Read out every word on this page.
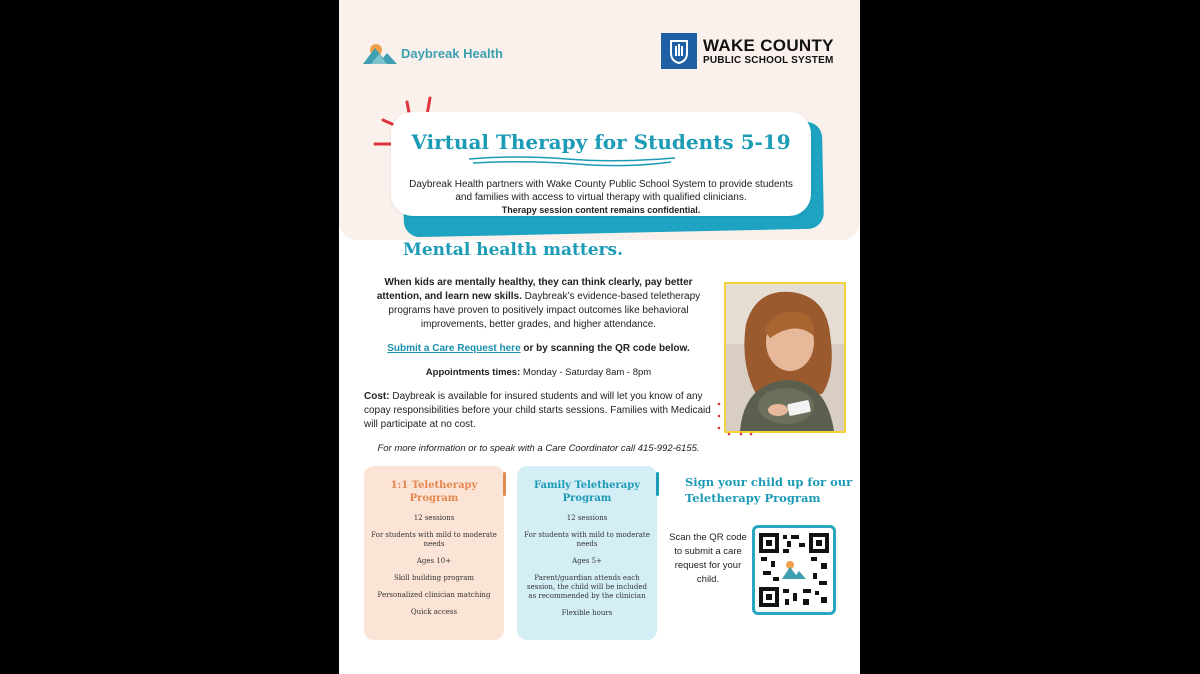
Daybreak Health	WAKE COUNTY
PUBLIC SCHOOL SYSTEM
Virtual Therapy for Students 5-19
Daybreak Health partners with Wake County Public School System to provide students and families with access to virtual therapy with qualified clinicians.
Therapy session content remains confidential.
Mental health matters.
When kids are mentally healthy, they can think clearly, pay better attention, and learn new skills. Daybreak’s evidence-based teletherapy programs have proven to positively impact outcomes like behavioral improvements, better grades, and higher attendance.
Submit a Care Request here or by scanning the QR code below.
Appointments times: Monday - Saturday 8am - 8pm
Cost: Daybreak is available for insured students and will let you know of any copay responsibilities before your child starts sessions. Families with Medicaid will participate at no cost.
For more information or to speak with a Care Coordinator call 415-992-6155.
1:1 Teletherapy Program
12 sessions
For students with mild to moderate needs
Ages 10+
Skill building program
Personalized clinician matching
Quick access
Family Teletherapy Program
12 sessions
For students with mild to moderate needs
Ages 5+
Parent/guardian attends each session, the child will be included as recommended by the clinician
Flexible hours
Sign your child up for our Teletherapy Program
Scan the QR code to submit a care request for your child.
